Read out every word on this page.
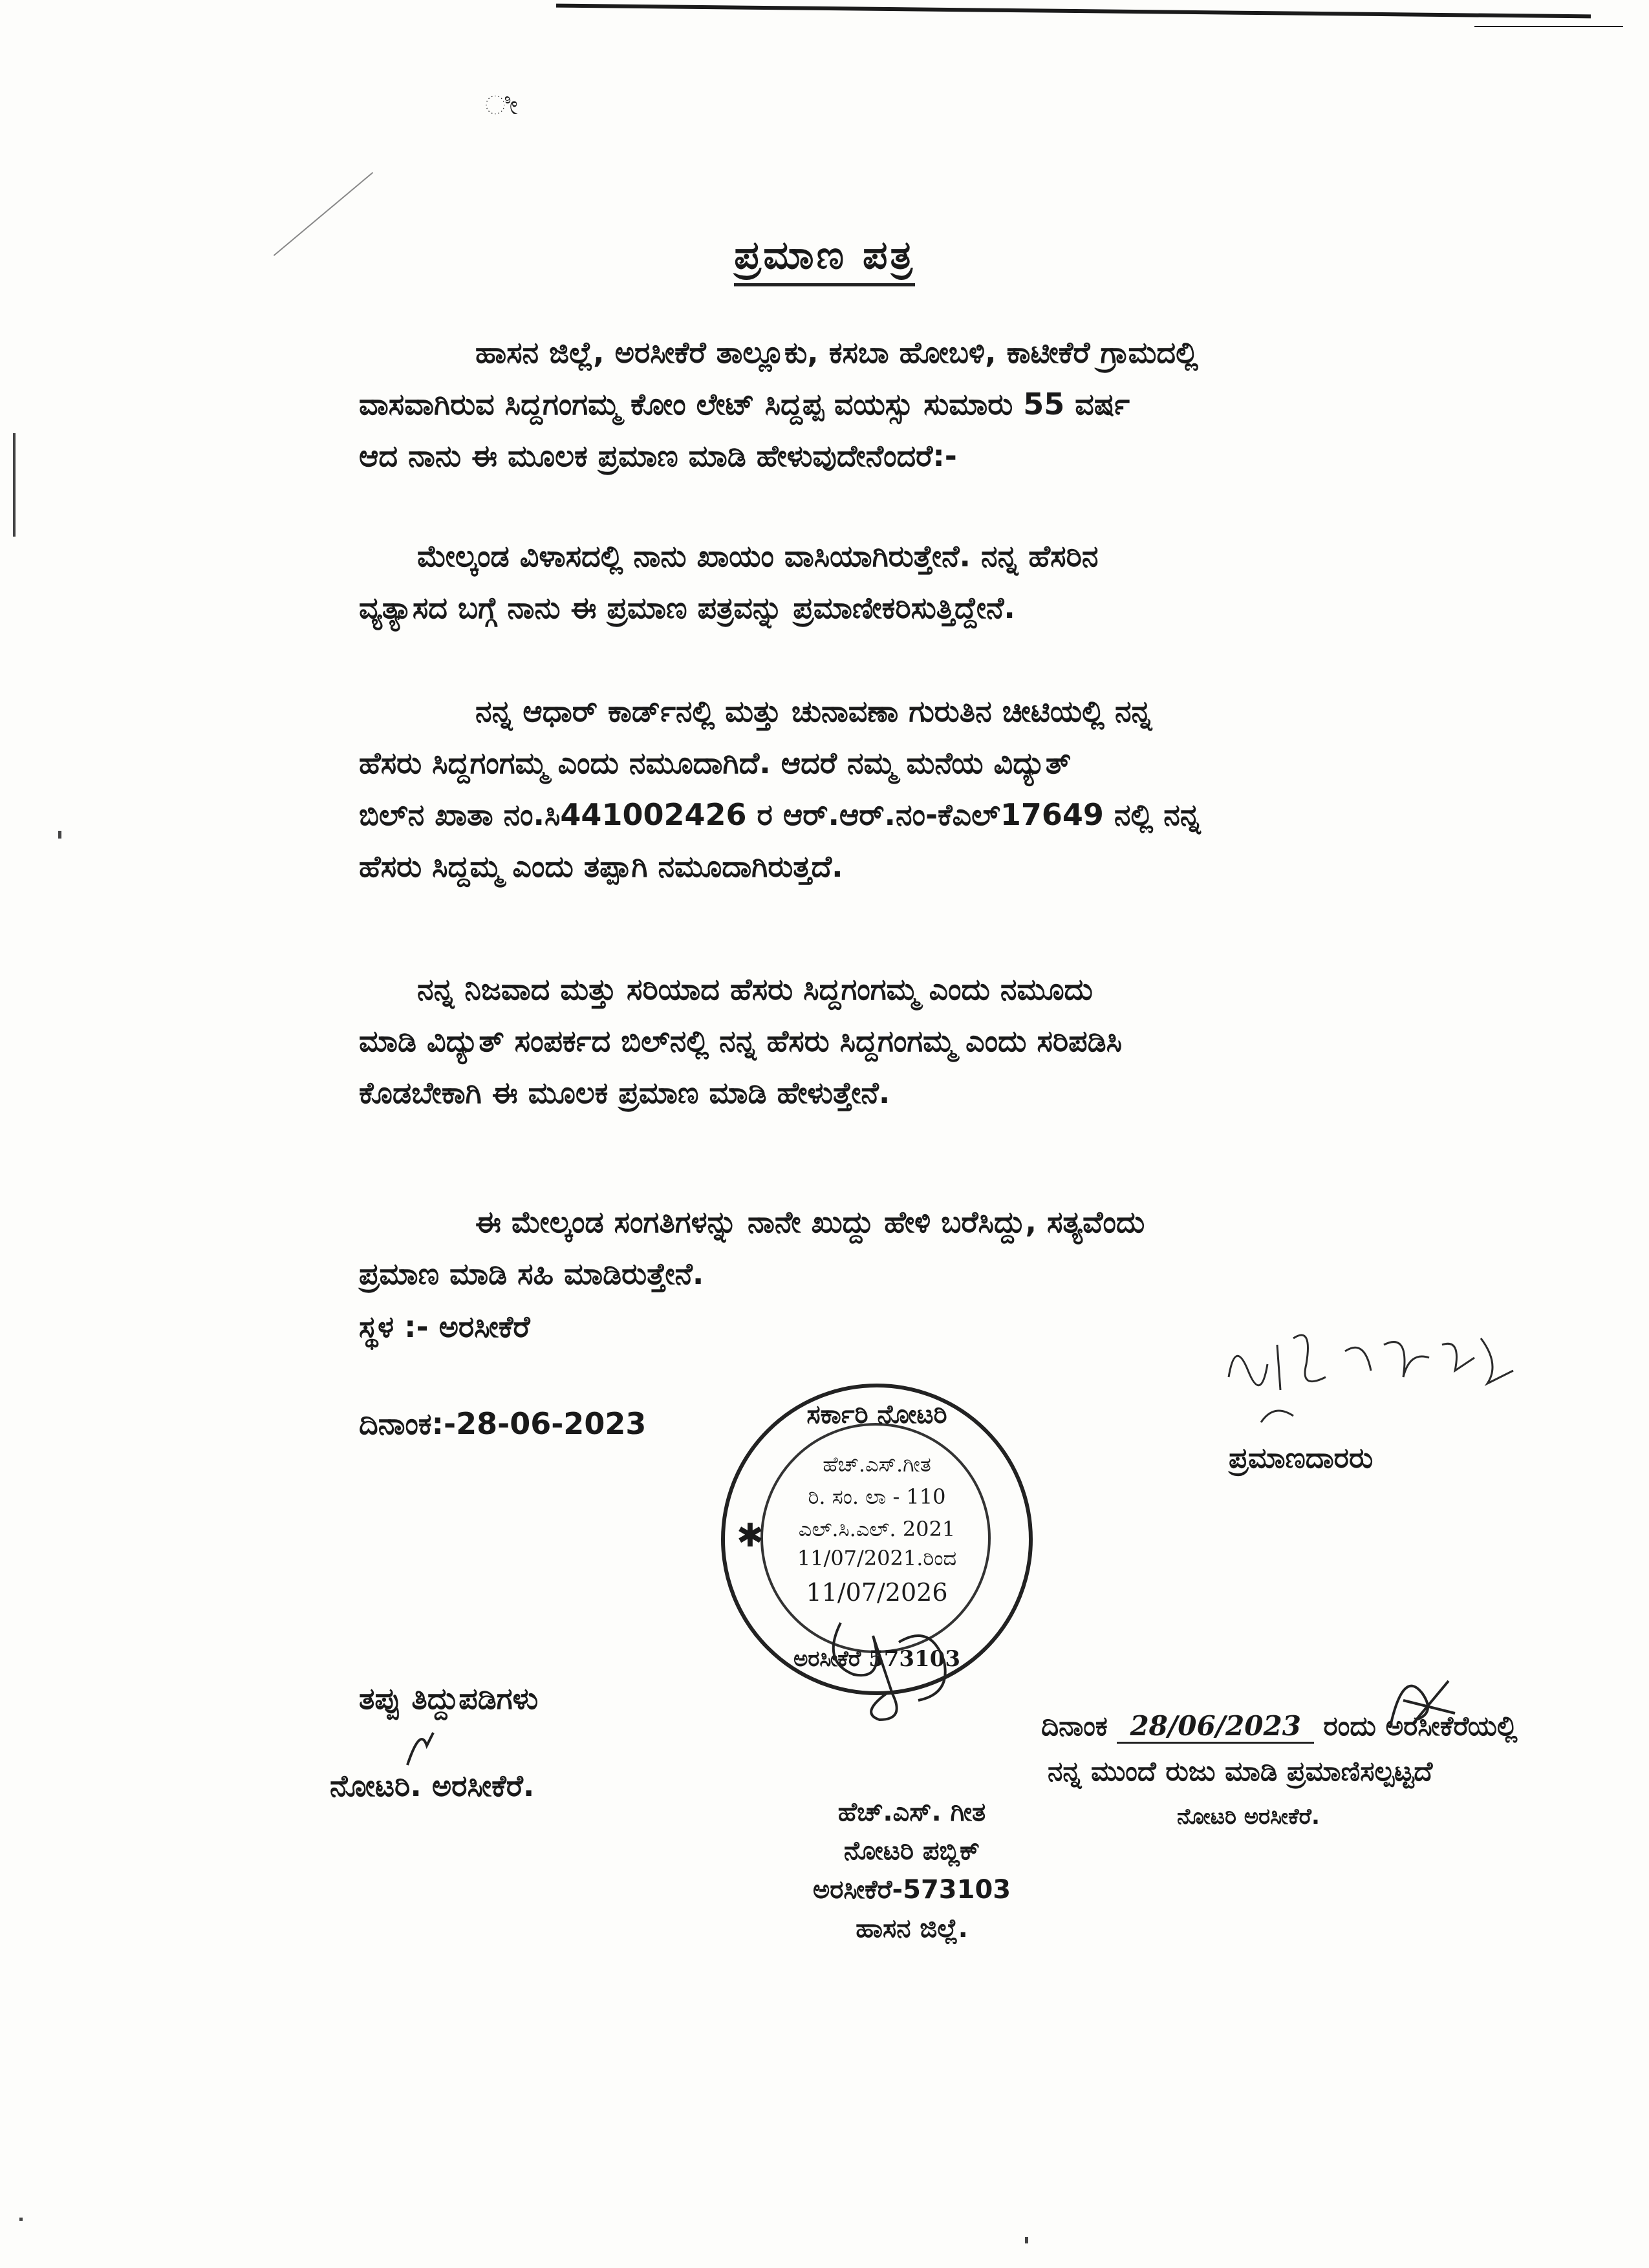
ೀ
ಪ್ರಮಾಣ ಪತ್ರ

ಹಾಸನ ಜಿಲ್ಲೆ, ಅರಸೀಕೆರೆ ತಾಲ್ಲೂಕು, ಕಸಬಾ ಹೋಬಳಿ, ಕಾಟೀಕೆರೆ ಗ್ರಾಮದಲ್ಲಿ
ವಾಸವಾಗಿರುವ ಸಿದ್ದಗಂಗಮ್ಮ ಕೋಂ ಲೇಟ್ ಸಿದ್ದಪ್ಪ ವಯಸ್ಸು ಸುಮಾರು 55 ವರ್ಷ
ಆದ ನಾನು ಈ ಮೂಲಕ ಪ್ರಮಾಣ ಮಾಡಿ ಹೇಳುವುದೇನೆಂದರೆ:-

ಮೇಲ್ಕಂಡ ವಿಳಾಸದಲ್ಲಿ ನಾನು ಖಾಯಂ ವಾಸಿಯಾಗಿರುತ್ತೇನೆ. ನನ್ನ ಹೆಸರಿನ
ವ್ಯತ್ಯಾಸದ ಬಗ್ಗೆ ನಾನು ಈ ಪ್ರಮಾಣ ಪತ್ರವನ್ನು ಪ್ರಮಾಣೀಕರಿಸುತ್ತಿದ್ದೇನೆ.

ನನ್ನ ಆಧಾರ್ ಕಾರ್ಡ್‌ನಲ್ಲಿ ಮತ್ತು ಚುನಾವಣಾ ಗುರುತಿನ ಚೀಟಿಯಲ್ಲಿ ನನ್ನ
ಹೆಸರು ಸಿದ್ದಗಂಗಮ್ಮ ಎಂದು ನಮೂದಾಗಿದೆ. ಆದರೆ ನಮ್ಮ ಮನೆಯ ವಿದ್ಯುತ್
ಬಿಲ್‌ನ ಖಾತಾ ನಂ.ಸಿ441002426 ರ ಆರ್.ಆರ್.ನಂ-ಕೆಎಲ್17649 ನಲ್ಲಿ ನನ್ನ
ಹೆಸರು ಸಿದ್ದಮ್ಮ ಎಂದು ತಪ್ಪಾಗಿ ನಮೂದಾಗಿರುತ್ತದೆ.

ನನ್ನ ನಿಜವಾದ ಮತ್ತು ಸರಿಯಾದ ಹೆಸರು ಸಿದ್ದಗಂಗಮ್ಮ ಎಂದು ನಮೂದು
ಮಾಡಿ ವಿದ್ಯುತ್ ಸಂಪರ್ಕದ ಬಿಲ್‌ನಲ್ಲಿ ನನ್ನ ಹೆಸರು ಸಿದ್ದಗಂಗಮ್ಮ ಎಂದು ಸರಿಪಡಿಸಿ
ಕೊಡಬೇಕಾಗಿ ಈ ಮೂಲಕ ಪ್ರಮಾಣ ಮಾಡಿ ಹೇಳುತ್ತೇನೆ.

ಈ ಮೇಲ್ಕಂಡ ಸಂಗತಿಗಳನ್ನು ನಾನೇ ಖುದ್ದು ಹೇಳಿ ಬರೆಸಿದ್ದು, ಸತ್ಯವೆಂದು
ಪ್ರಮಾಣ ಮಾಡಿ ಸಹಿ ಮಾಡಿರುತ್ತೇನೆ.

ಸ್ಥಳ :- ಅರಸೀಕೆರೆ
ದಿನಾಂಕ:-28-06-2023
ಪ್ರಮಾಣದಾರರು
ಸರ್ಕಾರಿ ನೋಟರಿ
ಹೆಚ್.ಎಸ್.ಗೀತ
ರಿ. ಸಂ. ಲಾ - 110
ಎಲ್.ಸಿ.ಎಲ್. 2021
11/07/2021.ರಿಂದ
11/07/2026
ಅರಸೀಕೆರೆ 573103
✱
ತಪ್ಪು ತಿದ್ದುಪಡಿಗಳು
ನೋಟರಿ. ಅರಸೀಕೆರೆ.
ಹೆಚ್.ಎಸ್. ಗೀತ
ನೋಟರಿ ಪಬ್ಲಿಕ್
ಅರಸೀಕೆರೆ-573103
ಹಾಸನ ಜಿಲ್ಲೆ.
ದಿನಾಂಕ 28/06/2023 ರಂದು ಅರಸೀಕೆರೆಯಲ್ಲಿ
ನನ್ನ ಮುಂದೆ ರುಜು ಮಾಡಿ ಪ್ರಮಾಣಿಸಲ್ಪಟ್ಟದೆ
ನೋಟರಿ ಅರಸೀಕೆರೆ.
